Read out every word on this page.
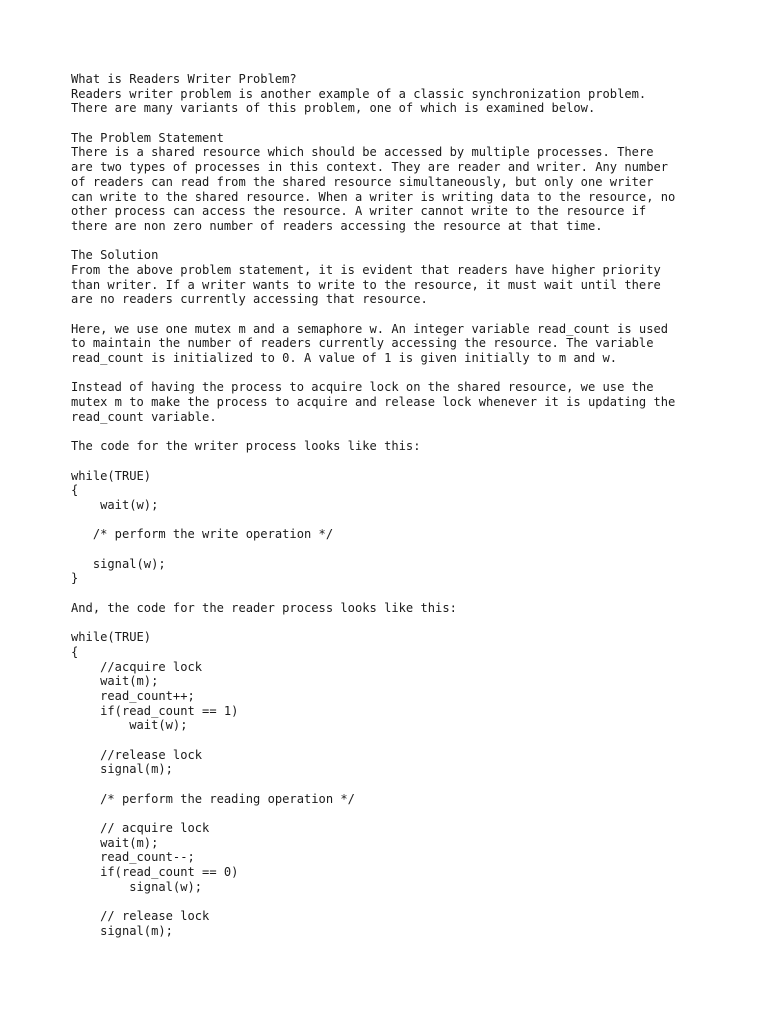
What is Readers Writer Problem?
Readers writer problem is another example of a classic synchronization problem.
There are many variants of this problem, one of which is examined below.
The Problem Statement
There is a shared resource which should be accessed by multiple processes. There
are two types of processes in this context. They are reader and writer. Any number
of readers can read from the shared resource simultaneously, but only one writer
can write to the shared resource. When a writer is writing data to the resource, no
other process can access the resource. A writer cannot write to the resource if
there are non zero number of readers accessing the resource at that time.
The Solution
From the above problem statement, it is evident that readers have higher priority
than writer. If a writer wants to write to the resource, it must wait until there
are no readers currently accessing that resource.
Here, we use one mutex m and a semaphore w. An integer variable read_count is used
to maintain the number of readers currently accessing the resource. The variable
read_count is initialized to 0. A value of 1 is given initially to m and w.
Instead of having the process to acquire lock on the shared resource, we use the
mutex m to make the process to acquire and release lock whenever it is updating the
read_count variable.
The code for the writer process looks like this:
while(TRUE)
{
wait(w);
/* perform the write operation */
signal(w);
}
And, the code for the reader process looks like this:
while(TRUE)
{
//acquire lock
wait(m);
read_count++;
if(read_count == 1)
wait(w);
//release lock
signal(m);
/* perform the reading operation */
// acquire lock
wait(m);
read_count--;
if(read_count == 0)
signal(w);
// release lock
signal(m);
